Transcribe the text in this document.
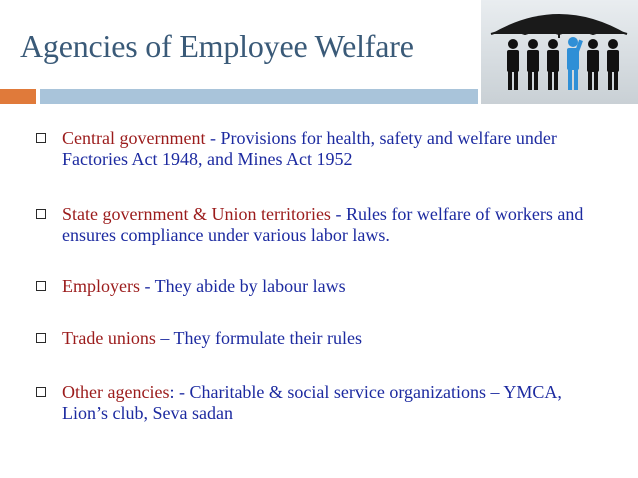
Agencies of Employee Welfare
Central government - Provisions for health, safety and welfare under Factories Act 1948, and Mines Act 1952
State government & Union territories - Rules for welfare of workers and ensures compliance under various labor laws.
Employers - They abide by labour laws
Trade unions – They formulate their rules
Other agencies: - Charitable & social service organizations – YMCA, Lion’s club, Seva sadan
